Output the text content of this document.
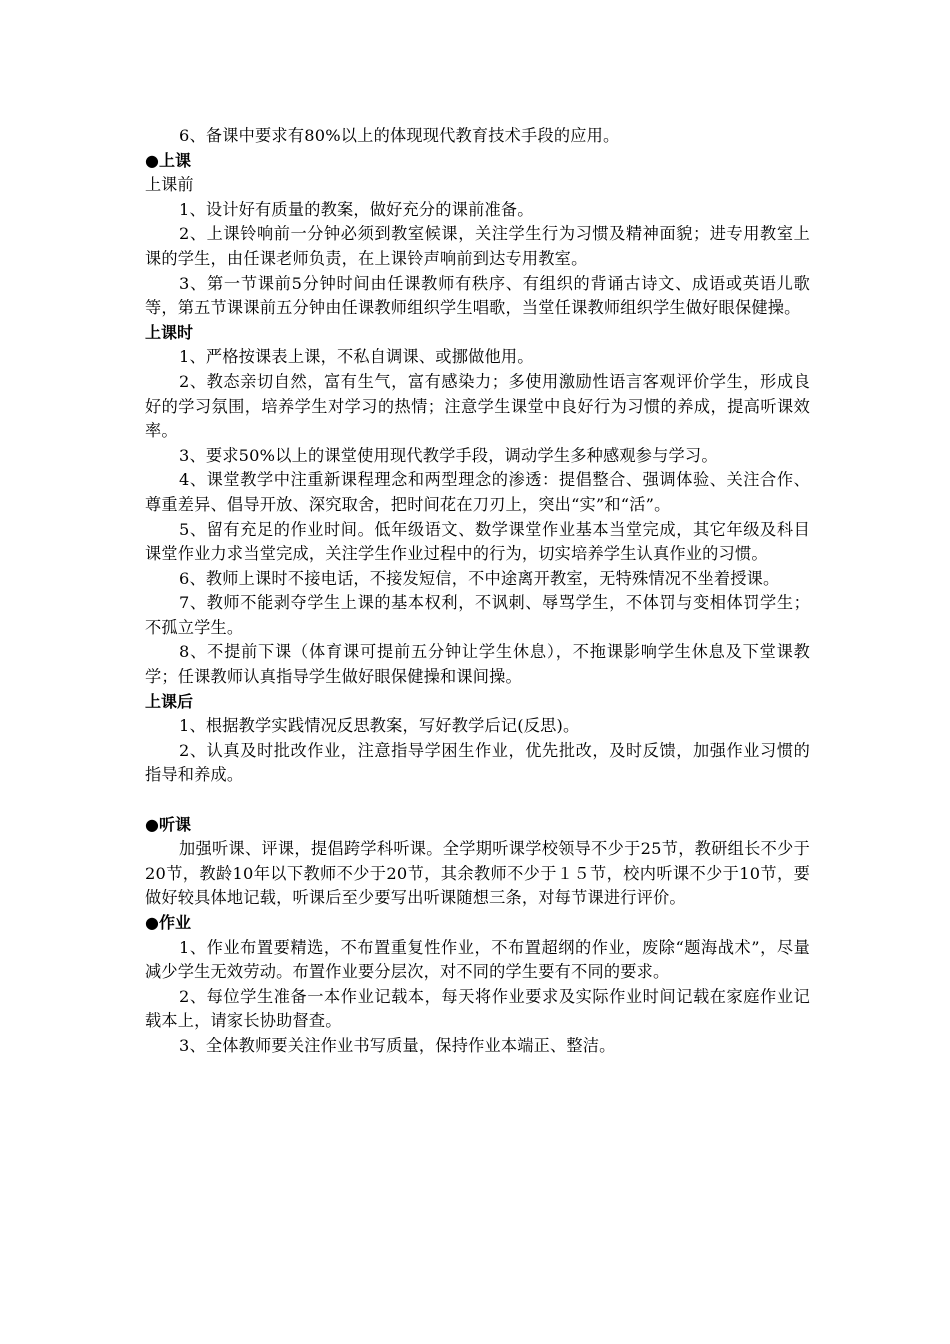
6、备课中要求有80%以上的体现现代教育技术手段的应用。

●上课

上课前

1、设计好有质量的教案，做好充分的课前准备。

2、上课铃响前一分钟必须到教室候课，关注学生行为习惯及精神面貌；进专用教室上课的学生，由任课老师负责，在上课铃声响前到达专用教室。

3、第一节课前5分钟时间由任课教师有秩序、有组织的背诵古诗文、成语或英语儿歌等，第五节课课前五分钟由任课教师组织学生唱歌，当堂任课教师组织学生做好眼保健操。

上课时

1、严格按课表上课，不私自调课、或挪做他用。

2、教态亲切自然，富有生气，富有感染力；多使用激励性语言客观评价学生，形成良好的学习氛围，培养学生对学习的热情；注意学生课堂中良好行为习惯的养成，提高听课效率。

3、要求50%以上的课堂使用现代教学手段，调动学生多种感观参与学习。

4、课堂教学中注重新课程理念和两型理念的渗透：提倡整合、强调体验、关注合作、尊重差异、倡导开放、深究取舍，把时间花在刀刃上，突出“实”和“活”。

5、留有充足的作业时间。低年级语文、数学课堂作业基本当堂完成，其它年级及科目课堂作业力求当堂完成，关注学生作业过程中的行为，切实培养学生认真作业的习惯。

6、教师上课时不接电话，不接发短信，不中途离开教室，无特殊情况不坐着授课。

7、教师不能剥夺学生上课的基本权利，不讽刺、辱骂学生，不体罚与变相体罚学生；不孤立学生。

8、不提前下课（体育课可提前五分钟让学生休息），不拖课影响学生休息及下堂课教学；任课教师认真指导学生做好眼保健操和课间操。

上课后

1、根据教学实践情况反思教案，写好教学后记(反思)。

2、认真及时批改作业，注意指导学困生作业，优先批改，及时反馈，加强作业习惯的指导和养成。

●听课

加强听课、评课，提倡跨学科听课。全学期听课学校领导不少于25节，教研组长不少于20节，教龄10年以下教师不少于20节，其余教师不少于１５节，校内听课不少于10节，要做好较具体地记载，听课后至少要写出听课随想三条，对每节课进行评价。

●作业

1、作业布置要精选，不布置重复性作业，不布置超纲的作业，废除“题海战术”，尽量减少学生无效劳动。布置作业要分层次，对不同的学生要有不同的要求。

2、每位学生准备一本作业记载本，每天将作业要求及实际作业时间记载在家庭作业记载本上，请家长协助督查。

3、全体教师要关注作业书写质量，保持作业本端正、整洁。
